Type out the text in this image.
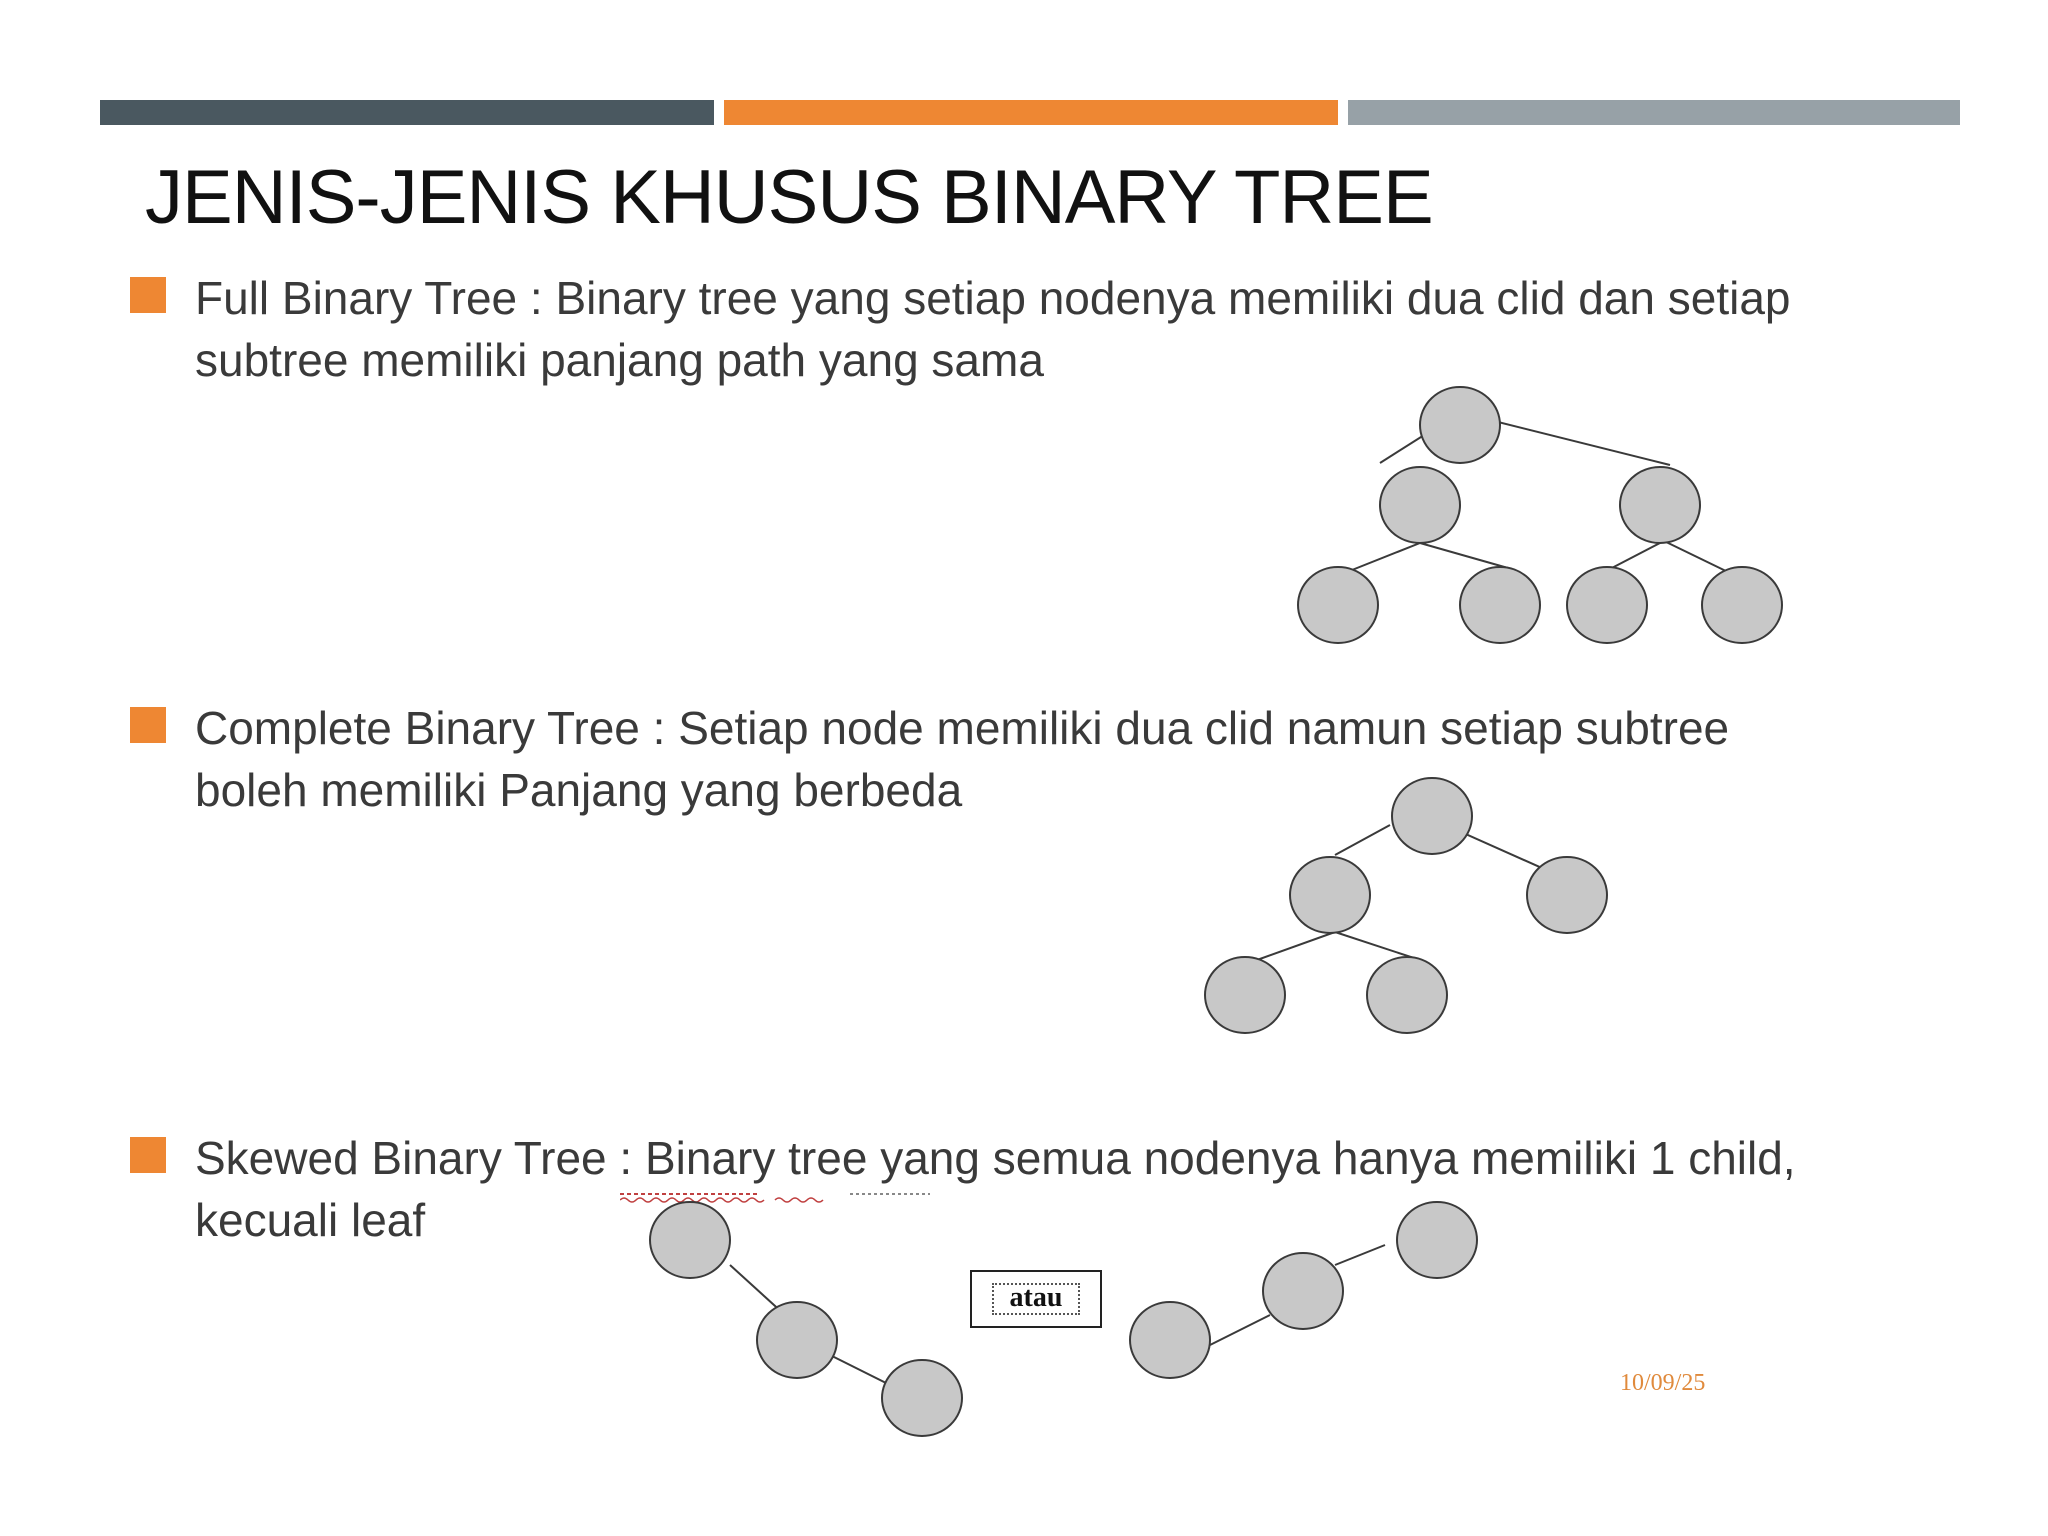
JENIS-JENIS KHUSUS BINARY TREE
Full Binary Tree : Binary tree yang setiap nodenya memiliki dua clid dan setiap subtree memiliki panjang path yang sama
Complete Binary Tree : Setiap node memiliki dua clid namun setiap subtree boleh memiliki Panjang yang berbeda
Skewed Binary Tree : Binary tree yang semua nodenya hanya memiliki 1 child, kecuali leaf
atau
10/09/25
